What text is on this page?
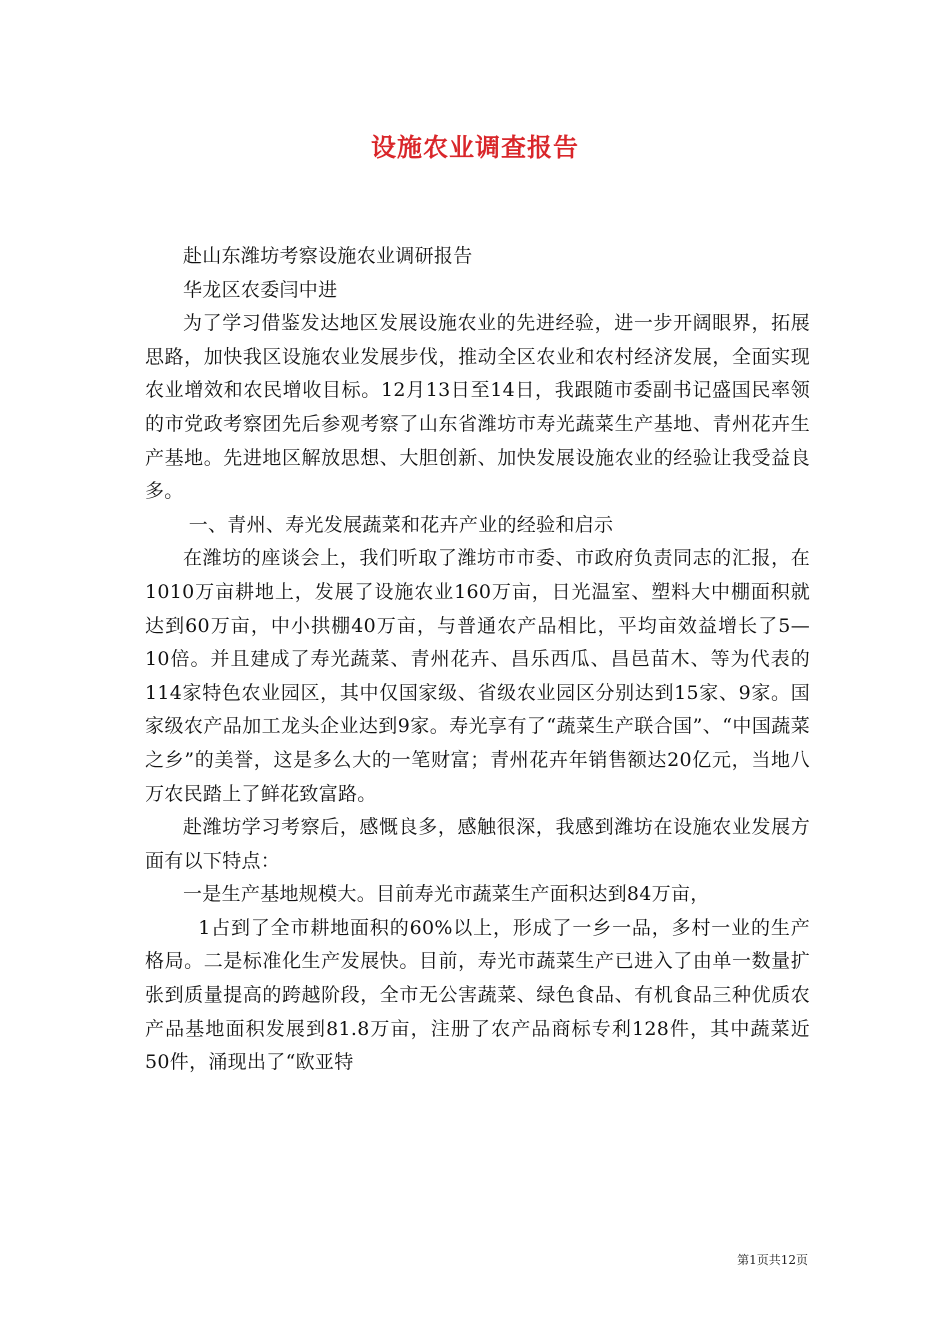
设施农业调查报告

赴山东潍坊考察设施农业调研报告

华龙区农委闫中进

为了学习借鉴发达地区发展设施农业的先进经验，进一步开阔眼界，拓展思路，加快我区设施农业发展步伐，推动全区农业和农村经济发展，全面实现农业增效和农民增收目标。12月13日至14日，我跟随市委副书记盛国民率领的市党政考察团先后参观考察了山东省潍坊市寿光蔬菜生产基地、青州花卉生产基地。先进地区解放思想、大胆创新、加快发展设施农业的经验让我受益良多。

一、青州、寿光发展蔬菜和花卉产业的经验和启示

在潍坊的座谈会上，我们听取了潍坊市市委、市政府负责同志的汇报，在1010万亩耕地上，发展了设施农业160万亩，日光温室、塑料大中棚面积就达到60万亩，中小拱棚40万亩，与普通农产品相比，平均亩效益增长了5—10倍。并且建成了寿光蔬菜、青州花卉、昌乐西瓜、昌邑苗木、等为代表的114家特色农业园区，其中仅国家级、省级农业园区分别达到15家、9家。国家级农产品加工龙头企业达到9家。寿光享有了“蔬菜生产联合国”、“中国蔬菜之乡”的美誉，这是多么大的一笔财富；青州花卉年销售额达20亿元，当地八万农民踏上了鲜花致富路。

赴潍坊学习考察后，感慨良多，感触很深，我感到潍坊在设施农业发展方面有以下特点：

一是生产基地规模大。目前寿光市蔬菜生产面积达到84万亩，

1占到了全市耕地面积的60%以上，形成了一乡一品，多村一业的生产格局。二是标准化生产发展快。目前，寿光市蔬菜生产已进入了由单一数量扩张到质量提高的跨越阶段，全市无公害蔬菜、绿色食品、有机食品三种优质农产品基地面积发展到81.8万亩，注册了农产品商标专利128件，其中蔬菜近50件，涌现出了“欧亚特

第1页共12页
